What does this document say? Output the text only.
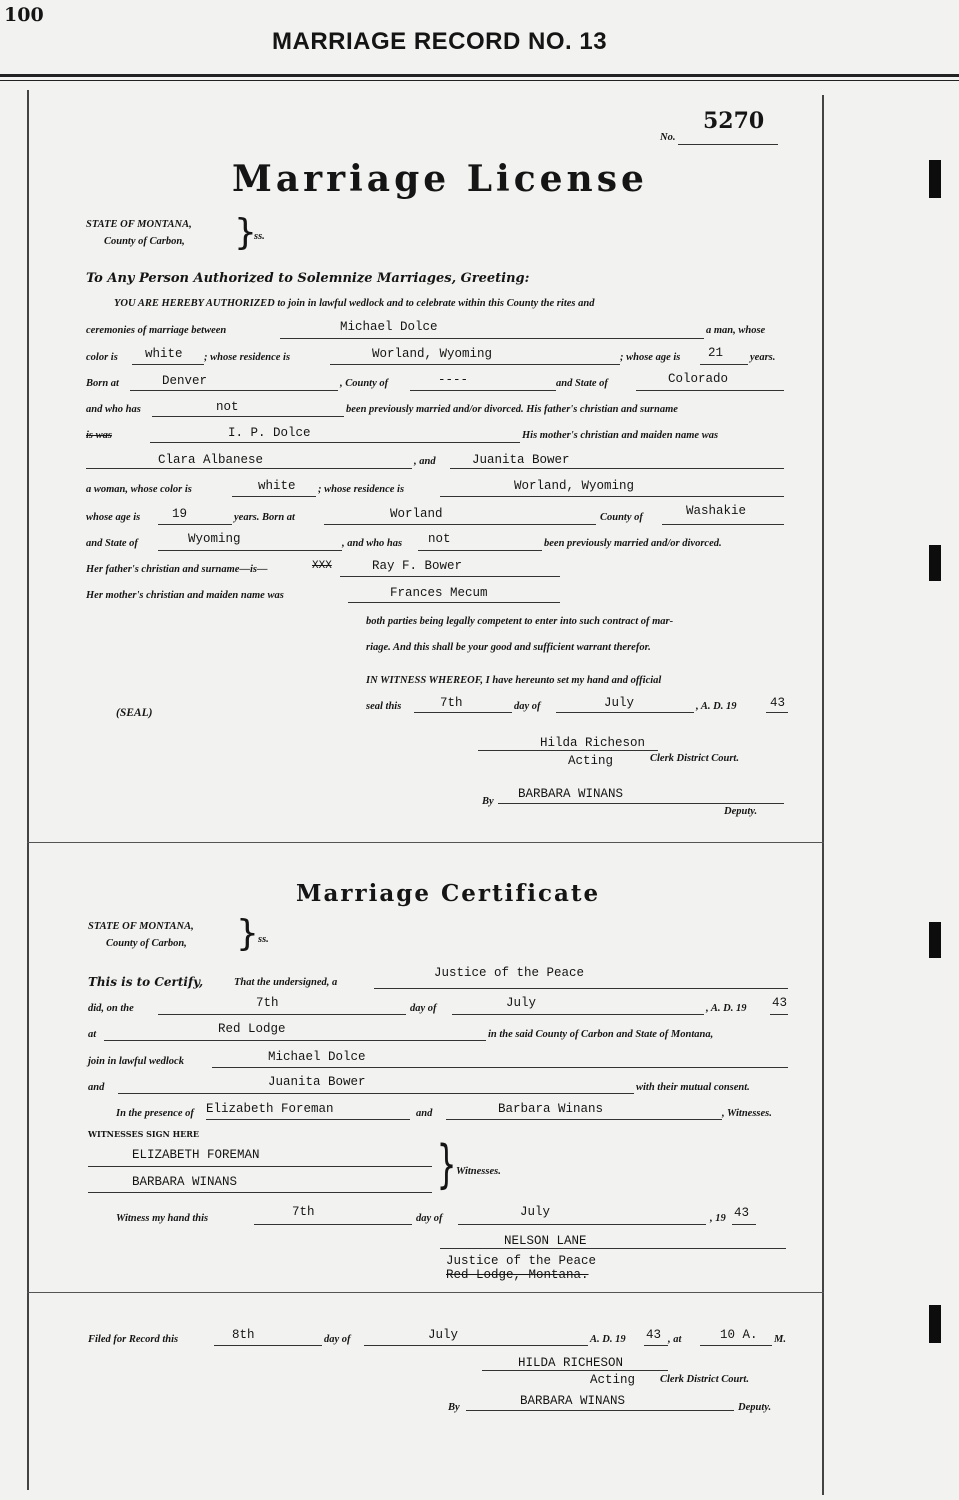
100
MARRIAGE RECORD NO. 13
No.
5270
Marriage License
STATE OF MONTANA,
County of Carbon, }
ss.
To Any Person Authorized to Solemnize Marriages, Greeting:
YOU ARE HEREBY AUTHORIZED to join in lawful wedlock and to celebrate within this County the rites and
ceremonies of marriage between	Michael Dolce	a man, whose
color is white ; whose residence is	Worland, Wyoming	; whose age is 21	years.
Born at	Denver	, County of	----	and State of	Colorado
and who has	not	been previously married and/or divorced. His father's christian and surname
is was	I. P. Dolce	His mother's christian and maiden name was
Clara Albanese	, and	Juanita Bower
a woman, whose color is	white ; whose residence is	Worland, Wyoming
whose age is	19	years. Born at	Worland	County of	Washakie
and State of	Wyoming	, and who has not	been previously married and/or divorced.
Her father's christian and surname—is—	XXX	Ray F. Bower
Her mother's christian and maiden name was	Frances Mecum
both parties being legally competent to enter into such contract of mar-
riage. And this shall be your good and sufficient warrant therefor.
IN WITNESS WHEREOF, I have hereunto set my hand and official
(SEAL)
seal this	7th	day of	July	, A. D. 19	43
Hilda Richeson
Acting	Clerk District Court.
By
BARBARA WINANS
Deputy.
Marriage Certificate
STATE OF MONTANA,
County of Carbon, } ss.
This is to Certify,	That the undersigned, a
Justice of the Peace
did, on the	7th	day of	July	, A. D. 19 43
at	Red Lodge	in the said County of Carbon and State of Montana,
join in lawful wedlock	Michael Dolce
and	Juanita Bower	with their mutual consent.
In the presence of Elizabeth Foreman	and	Barbara Winans	, Witnesses.
WITNESSES SIGN HERE
ELIZABETH FOREMAN
BARBARA WINANS	} Witnesses.
Witness my hand this	7th	day of	July	, 19 43
NELSON LANE
Justice of the Peace
Red Lodge, Montana.
Filed for Record this	8th	day of	July	A. D. 19 43 , at	10 A. M.
HILDA RICHESON
Acting Clerk District Court.
By	BARBARA WINANS	Deputy.
